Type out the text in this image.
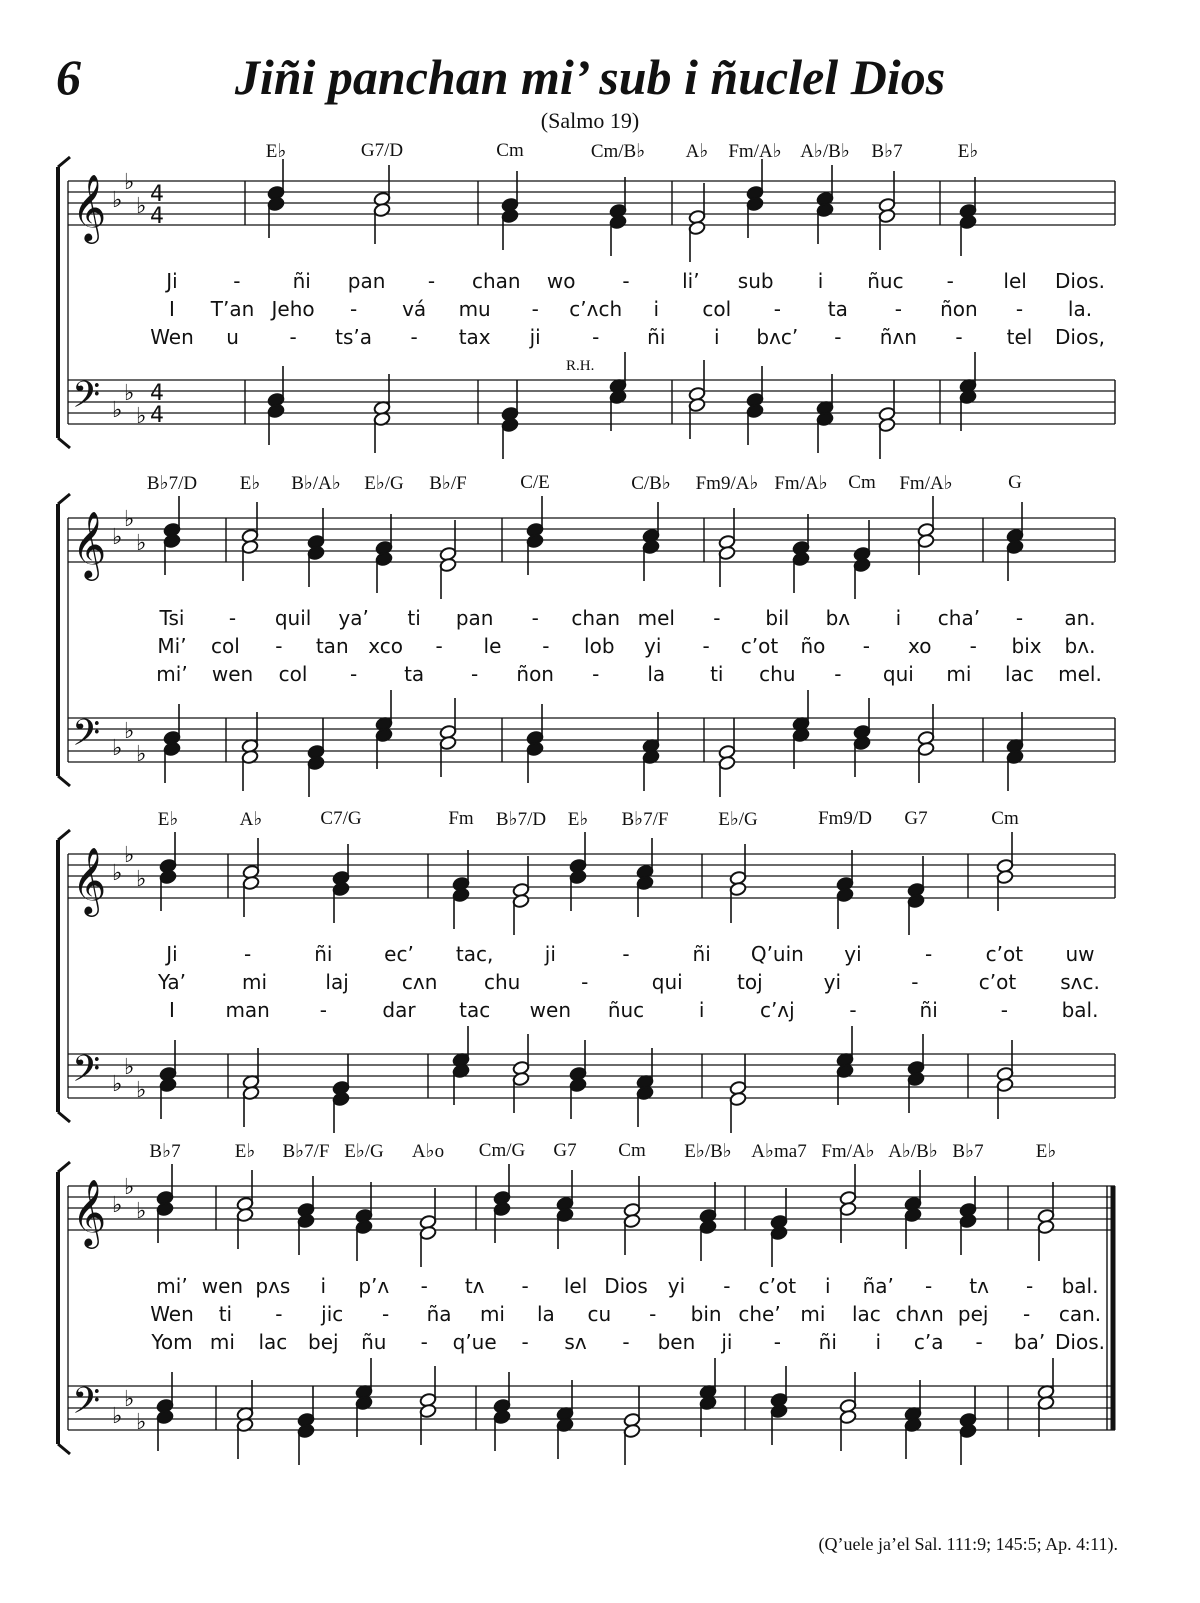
6	Jiñi panchan mi’ sub i ñuclel Dios
(Salmo 19)
𝄞
𝄢
♭
♭
♭
♭
♭
♭
4
4
4
4
𝄞
𝄢
♭
♭
♭
♭
♭
♭
𝄞
𝄢
♭
♭
♭
♭
♭
♭
𝄞
𝄢
♭
♭
♭
♭
♭
♭
E♭	G7/D	Cm	Cm/B♭ A♭ Fm/A♭ A♭/B♭ B♭7	E♭
Ji	-	ñi pan - chan wo -	li’ sub i ñuc - lel Dios.
I T’an Jeho - vá mu - c’ʌch i col - ta - ñon - la.
Wen u	- ts’a - tax ji	- ñi i bʌc’ - ñʌn - tel Dios,
R.H.
B♭7/D E♭ B♭/A♭ E♭/G B♭/F	C/E	C/B♭ Fm9/A♭ Fm/A♭ Cm Fm/A♭	G
Tsi - quil ya’ ti pan - chan mel - bil bʌ i cha’ - an.
Mi’ col - tan xco - le - lob yi - c’ot ño - xo - bix bʌ.
mi’ wen col - ta - ñon - la ti chu - qui mi lac mel.
E♭	A♭	C7/G	Fm B♭7/D E♭ B♭7/F	E♭/G	Fm9/D G7	Cm
Ji	-	ñi	ec’ tac,	ji	-	ñi Q’uin yi	-	c’ot uw
Ya’	mi	laj	cʌn chu	-	qui	toj	yi	-	c’ot sʌc.
I	man -	dar tac wen ñuc	i	c’ʌj	-	ñi	-	bal.
B♭7	E♭ B♭7/F E♭/G A♭o Cm/G G7 Cm E♭/B♭ A♭ma7 Fm/A♭ A♭/B♭ B♭7	E♭
mi’ wen pʌs i p’ʌ - tʌ - lel Dios yi - c’ot i ña’ - tʌ - bal.
Wen ti - jic - ña mi la cu - bin che’ mi lac chʌn pej - can.
Yom mi lac bej ñu - q’ue - sʌ - ben ji - ñi i c’a - ba’ Dios.
(Q’uele ja’el Sal. 111:9; 145:5; Ap. 4:11).
